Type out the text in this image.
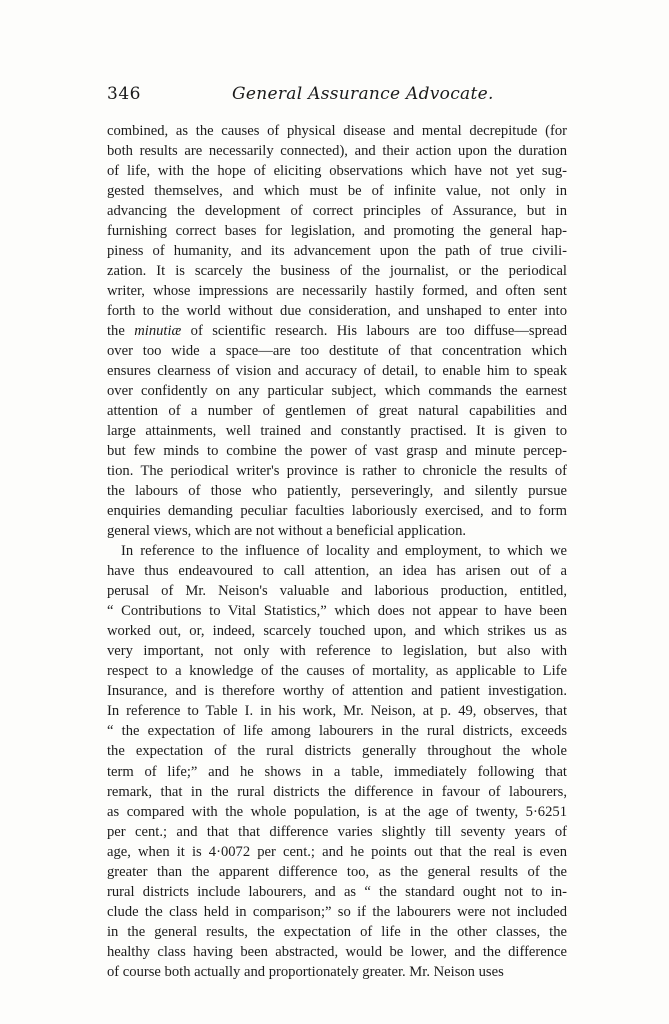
346	General Assurance Advocate.
combined, as the causes of physical disease and mental decrepitude (for
both results are necessarily connected), and their action upon the duration
of life, with the hope of eliciting observations which have not yet sug-
gested themselves, and which must be of infinite value, not only in
advancing the development of correct principles of Assurance, but in
furnishing correct bases for legislation, and promoting the general hap-
piness of humanity, and its advancement upon the path of true civili-
zation. It is scarcely the business of the journalist, or the periodical
writer, whose impressions are necessarily hastily formed, and often sent
forth to the world without due consideration, and unshaped to enter into
the minutiæ of scientific research. His labours are too diffuse—spread
over too wide a space—are too destitute of that concentration which
ensures clearness of vision and accuracy of detail, to enable him to speak
over confidently on any particular subject, which commands the earnest
attention of a number of gentlemen of great natural capabilities and
large attainments, well trained and constantly practised. It is given to
but few minds to combine the power of vast grasp and minute percep-
tion. The periodical writer's province is rather to chronicle the results of
the labours of those who patiently, perseveringly, and silently pursue
enquiries demanding peculiar faculties laboriously exercised, and to form
general views, which are not without a beneficial application.
In reference to the influence of locality and employment, to which we
have thus endeavoured to call attention, an idea has arisen out of a
perusal of Mr. Neison's valuable and laborious production, entitled,
“ Contributions to Vital Statistics,” which does not appear to have been
worked out, or, indeed, scarcely touched upon, and which strikes us as
very important, not only with reference to legislation, but also with
respect to a knowledge of the causes of mortality, as applicable to Life
Insurance, and is therefore worthy of attention and patient investigation.
In reference to Table I. in his work, Mr. Neison, at p. 49, observes, that
“ the expectation of life among labourers in the rural districts, exceeds
the expectation of the rural districts generally throughout the whole
term of life;” and he shows in a table, immediately following that
remark, that in the rural districts the difference in favour of labourers,
as compared with the whole population, is at the age of twenty, 5·6251
per cent.; and that that difference varies slightly till seventy years of
age, when it is 4·0072 per cent.; and he points out that the real is even
greater than the apparent difference too, as the general results of the
rural districts include labourers, and as “ the standard ought not to in-
clude the class held in comparison;” so if the labourers were not included
in the general results, the expectation of life in the other classes, the
healthy class having been abstracted, would be lower, and the difference
of course both actually and proportionately greater. Mr. Neison uses
